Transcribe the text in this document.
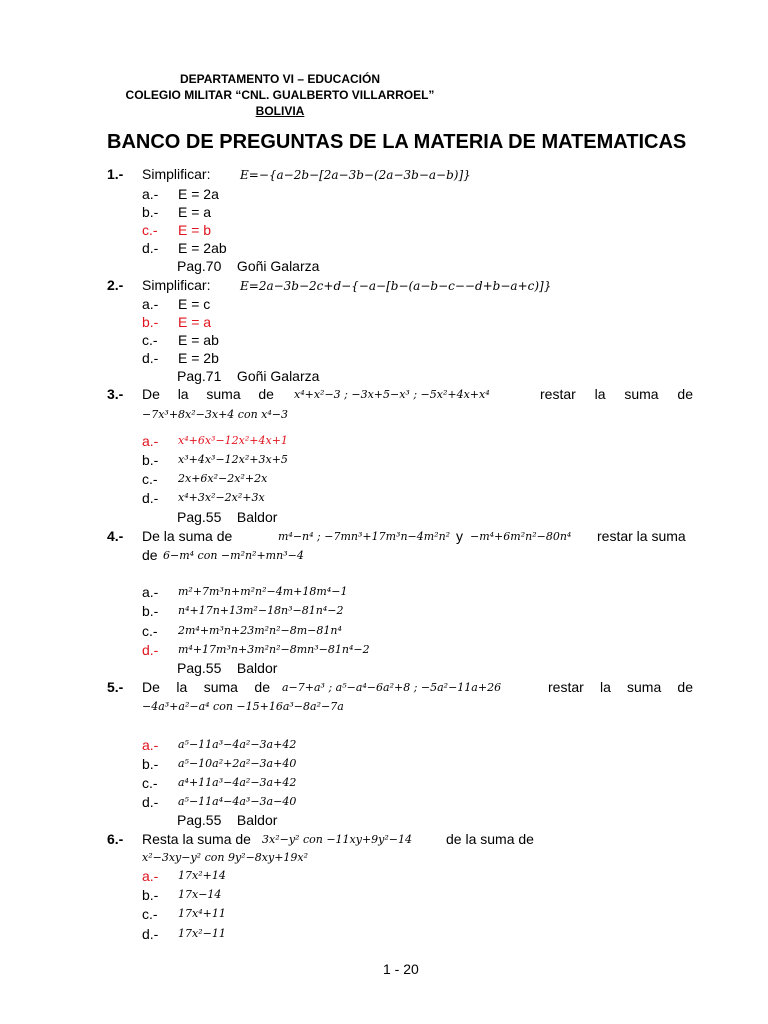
DEPARTAMENTO VI – EDUCACIÓN
COLEGIO MILITAR “CNL. GUALBERTO VILLARROEL”
BOLIVIA
BANCO DE PREGUNTAS DE LA MATERIA DE MATEMATICAS
1.- Simplificar: E=−{a−2b−[2a−3b−(2a−3b−a−b)]}
a.- E = 2a
b.- E = a
c.- E = b
d.- E = 2ab
Pag.70    Goñi Galarza
2.- Simplificar: E=2a−3b−2c+d−{−a−[b−(a−b−c−−d+b−a+c)]}
a.- E = c
b.- E = a
c.- E = ab
d.- E = 2b
Pag.71    Goñi Galarza
3.- De la suma de x⁴+x²−3 ; −3x+5−x³ ; −5x²+4x+x⁴	restar la suma de
−7x³+8x²−3x+4 con x⁴−3
a.- x⁴+6x³−12x²+4x+1
b.- x³+4x³−12x²+3x+5
c.- 2x+6x²−2x²+2x
d.- x⁴+3x²−2x²+3x
Pag.55    Baldor
4.- De la suma de	m⁴−n⁴ ; −7mn³+17m³n−4m²n² y −m⁴+6m²n²−80n⁴ restar la suma
de 6−m⁴ con −m²n²+mn³−4
a.- m²+7m³n+m²n²−4m+18m⁴−1
b.- n⁴+17n+13m²−18n³−81n⁴−2
c.- 2m⁴+m³n+23m²n²−8m−81n⁴
d.- m⁴+17m³n+3m²n²−8mn³−81n⁴−2
Pag.55    Baldor
5.- De la suma de a−7+a³ ; a⁵−a⁴−6a²+8 ; −5a²−11a+26	restar la suma de
−4a³+a²−a⁴ con −15+16a³−8a²−7a
a.- a⁵−11a³−4a²−3a+42
b.- a⁵−10a²+2a²−3a+40
c.- a⁴+11a³−4a²−3a+42
d.- a⁵−11a⁴−4a³−3a−40
Pag.55    Baldor
6.- Resta la suma de 3x²−y² con −11xy+9y²−14 de la suma de
x²−3xy−y² con 9y²−8xy+19x²
a.- 17x²+14
b.- 17x−14
c.- 17x⁴+11
d.- 17x²−11
1 - 20
